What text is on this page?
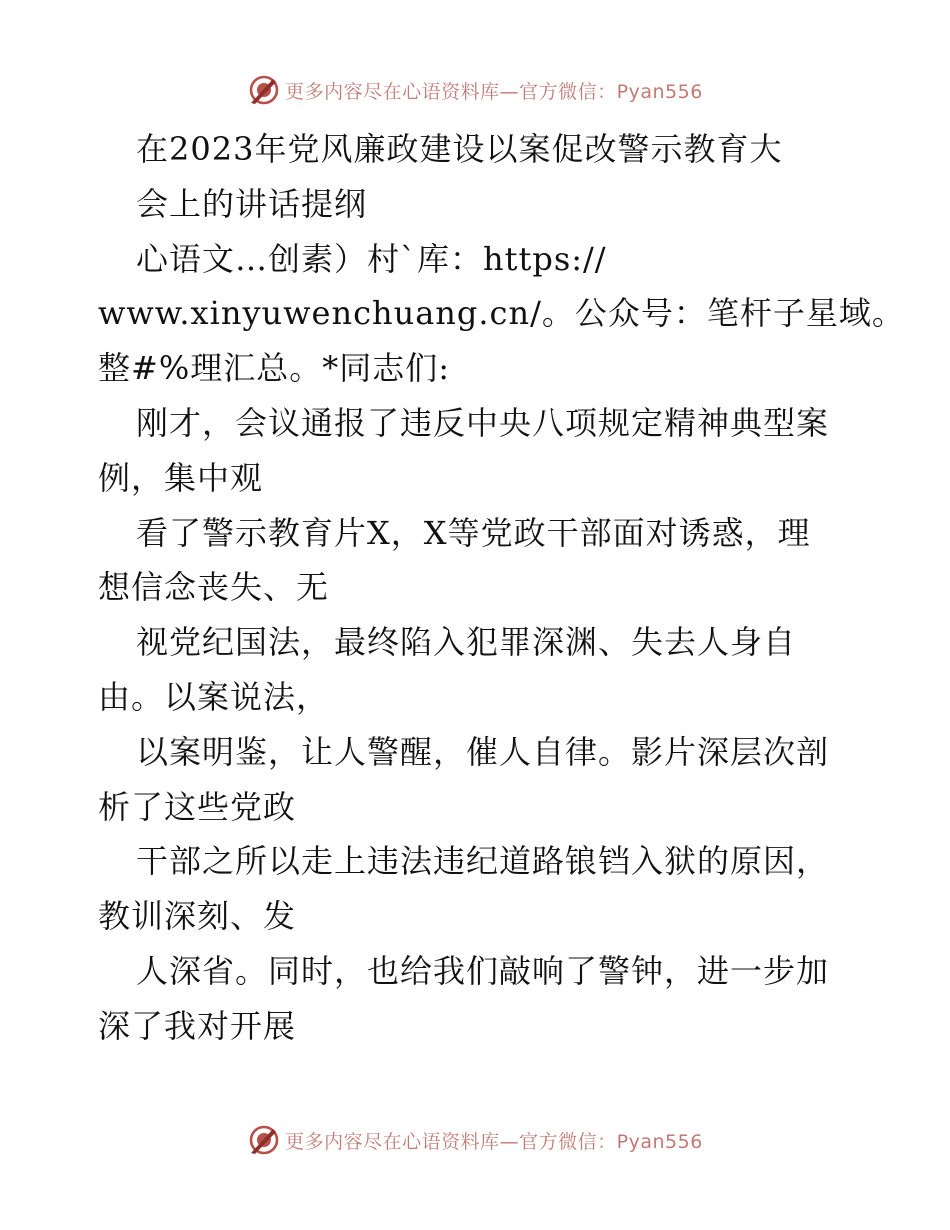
更多内容尽在心语资料库—官方微信：Pyan556
在2023年党风廉政建设以案促改警示教育大
会上的讲话提纲
心语文…创素）村`库：https://
www.xinyuwenchuang.cn/。公众号：笔杆子星域。
整#%理汇总。*同志们:
刚才，会议通报了违反中央八项规定精神典型案
例，集中观
看了警示教育片X，X等党政干部面对诱惑，理
想信念丧失、无
视党纪国法，最终陷入犯罪深渊、失去人身自
由。以案说法，
以案明鉴，让人警醒，催人自律。影片深层次剖
析了这些党政
干部之所以走上违法违纪道路锒铛入狱的原因，
教训深刻、发
人深省。同时，也给我们敲响了警钟，进一步加
深了我对开展
更多内容尽在心语资料库—官方微信：Pyan556
